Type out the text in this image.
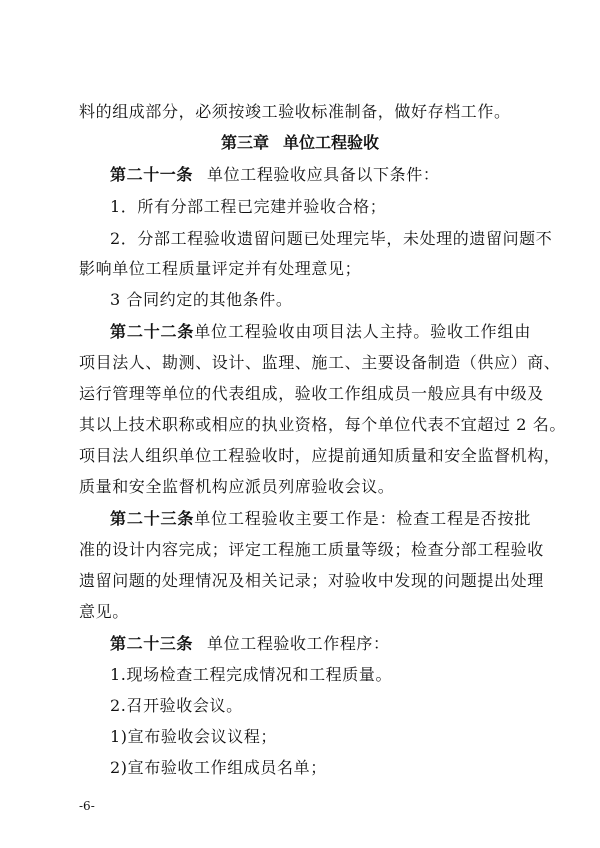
料的组成部分，必须按竣工验收标准制备，做好存档工作。
第三章 单位工程验收
第二十一条 单位工程验收应具备以下条件：
1．所有分部工程已完建并验收合格；
2．分部工程验收遗留问题已处理完毕，未处理的遗留问题不
影响单位工程质量评定并有处理意见；
3 合同约定的其他条件。
第二十二条单位工程验收由项目法人主持。验收工作组由
项目法人、勘测、设计、监理、施工、主要设备制造（供应）商、
运行管理等单位的代表组成，验收工作组成员一般应具有中级及
其以上技术职称或相应的执业资格，每个单位代表不宜超过 2 名。
项目法人组织单位工程验收时，应提前通知质量和安全监督机构，
质量和安全监督机构应派员列席验收会议。
第二十三条单位工程验收主要工作是：检查工程是否按批
准的设计内容完成；评定工程施工质量等级；检查分部工程验收
遗留问题的处理情况及相关记录；对验收中发现的问题提出处理
意见。
第二十三条 单位工程验收工作程序：
1.现场检查工程完成情况和工程质量。
2.召开验收会议。
1)宣布验收会议议程；
2)宣布验收工作组成员名单；
-6-
